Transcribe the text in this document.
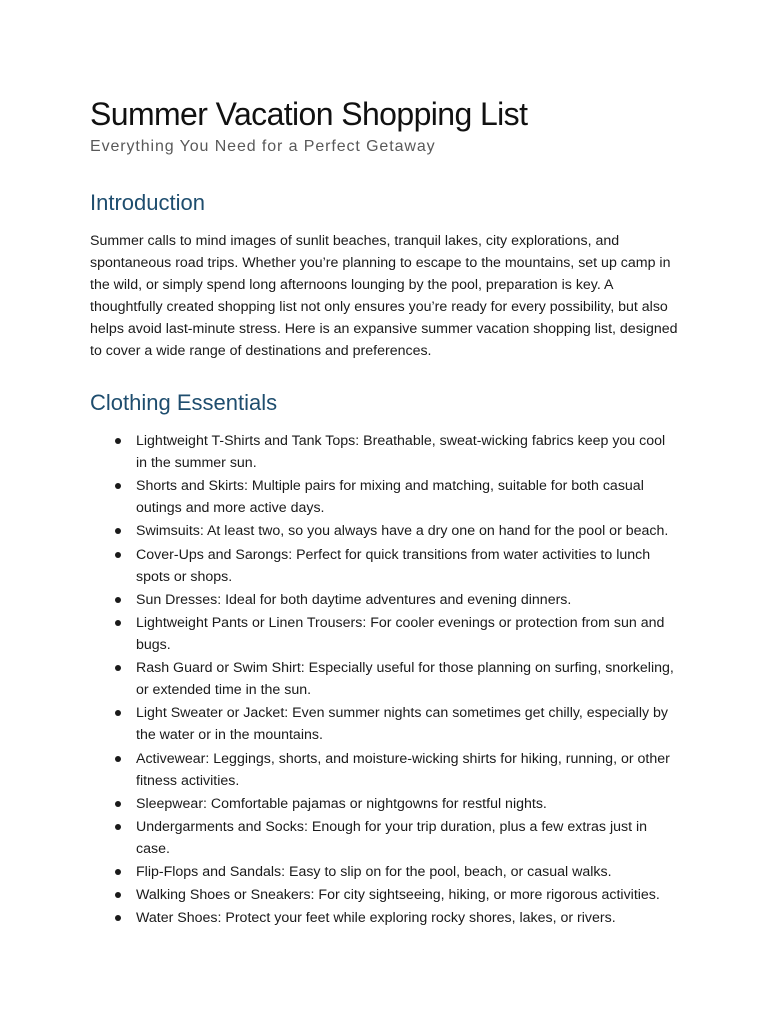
Summer Vacation Shopping List
Everything You Need for a Perfect Getaway
Introduction

Summer calls to mind images of sunlit beaches, tranquil lakes, city explorations, and spontaneous road trips. Whether you’re planning to escape to the mountains, set up camp in the wild, or simply spend long afternoons lounging by the pool, preparation is key. A thoughtfully created shopping list not only ensures you’re ready for every possibility, but also helps avoid last-minute stress. Here is an expansive summer vacation shopping list, designed to cover a wide range of destinations and preferences.

Clothing Essentials
Lightweight T-Shirts and Tank Tops: Breathable, sweat-wicking fabrics keep you cool in the summer sun.
Shorts and Skirts: Multiple pairs for mixing and matching, suitable for both casual outings and more active days.
Swimsuits: At least two, so you always have a dry one on hand for the pool or beach.
Cover-Ups and Sarongs: Perfect for quick transitions from water activities to lunch spots or shops.
Sun Dresses: Ideal for both daytime adventures and evening dinners.
Lightweight Pants or Linen Trousers: For cooler evenings or protection from sun and bugs.
Rash Guard or Swim Shirt: Especially useful for those planning on surfing, snorkeling, or extended time in the sun.
Light Sweater or Jacket: Even summer nights can sometimes get chilly, especially by the water or in the mountains.
Activewear: Leggings, shorts, and moisture-wicking shirts for hiking, running, or other fitness activities.
Sleepwear: Comfortable pajamas or nightgowns for restful nights.
Undergarments and Socks: Enough for your trip duration, plus a few extras just in case.
Flip-Flops and Sandals: Easy to slip on for the pool, beach, or casual walks.
Walking Shoes or Sneakers: For city sightseeing, hiking, or more rigorous activities.
Water Shoes: Protect your feet while exploring rocky shores, lakes, or rivers.
